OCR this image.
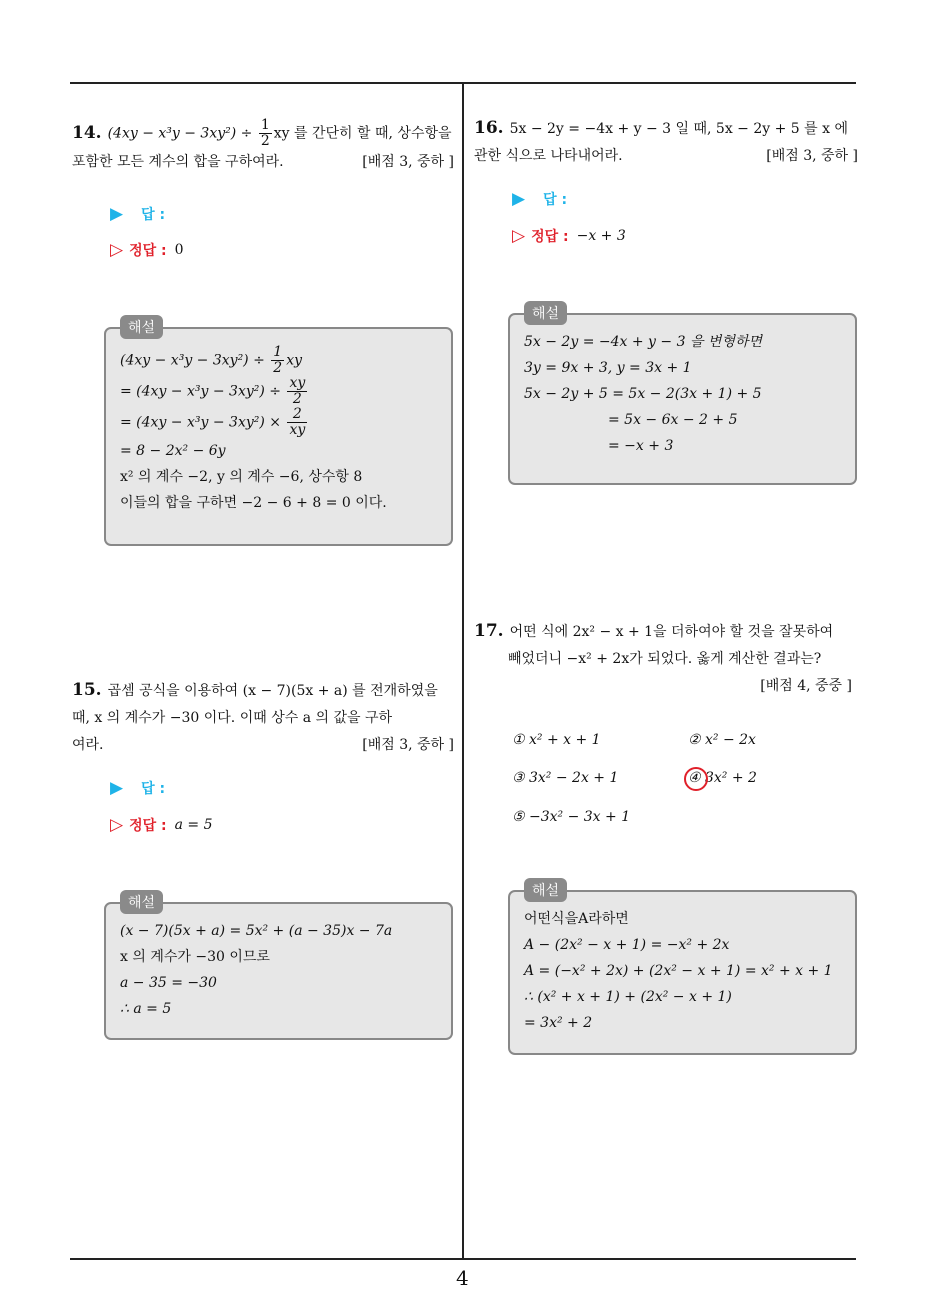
4
14. $(4xy - x^3y - 3xy^2) \div \frac{1}{2}$ xy 를 간단히 할 때, 상수항을
포함한 모든 계수의 합을 구하여라.	[배점 3, 중하 ]
▶ 답 :
▷ 정답 : 0
$(4xy - x^3y - 3xy^2) \div \frac{1}{2}$ xy
= $(4xy - x^3y - 3xy^2) \div \frac{xy}{2}$
= $(4xy - x^3y - 3xy^2) \times \frac{2}{xy}$
= 8 − 2x² − 6y
x² 의 계수 −2, y 의 계수 −6, 상수항 8
이들의 합을 구하면 −2 − 6 + 8 = 0 이다.
해설
15. 곱셈 공식을 이용하여 (x − 7)(5x + a) 를 전개하였을
때, x 의 계수가 −30 이다. 이때 상수 a 의 값을 구하
여라.	[배점 3, 중하 ]
▶ 답 :
▷ 정답 : a = 5
(x − 7)(5x + a) = 5x² + (a − 35)x − 7a
x 의 계수가 −30 이므로
a − 35 = −30
∴ a = 5
해설
16. 5x − 2y = −4x + y − 3 일 때, 5x − 2y + 5 를 x 에
관한 식으로 나타내어라.	[배점 3, 중하 ]
▶ 답 :
▷ 정답 : −x + 3
5x − 2y = −4x + y − 3 을 변형하면
3y = 9x + 3, y = 3x + 1
5x − 2y + 5 = 5x − 2(3x + 1) + 5
= 5x − 6x − 2 + 5
= −x + 3
해설
17. 어떤 식에 2x² − x + 1을 더하여야 할 것을 잘못하여
빼었더니 −x² + 2x가 되었다. 옳게 계산한 결과는?
[배점 4, 중중 ]
① x² + x + 1	② x² − 2x
③ 3x² − 2x + 1	④ 3x² + 2
⑤ −3x² − 3x + 1
어떤식을A라하면
A − (2x² − x + 1) = −x² + 2x
A = (−x² + 2x) + (2x² − x + 1) = x² + x + 1
∴ (x² + x + 1) + (2x² − x + 1)
= 3x² + 2
해설
